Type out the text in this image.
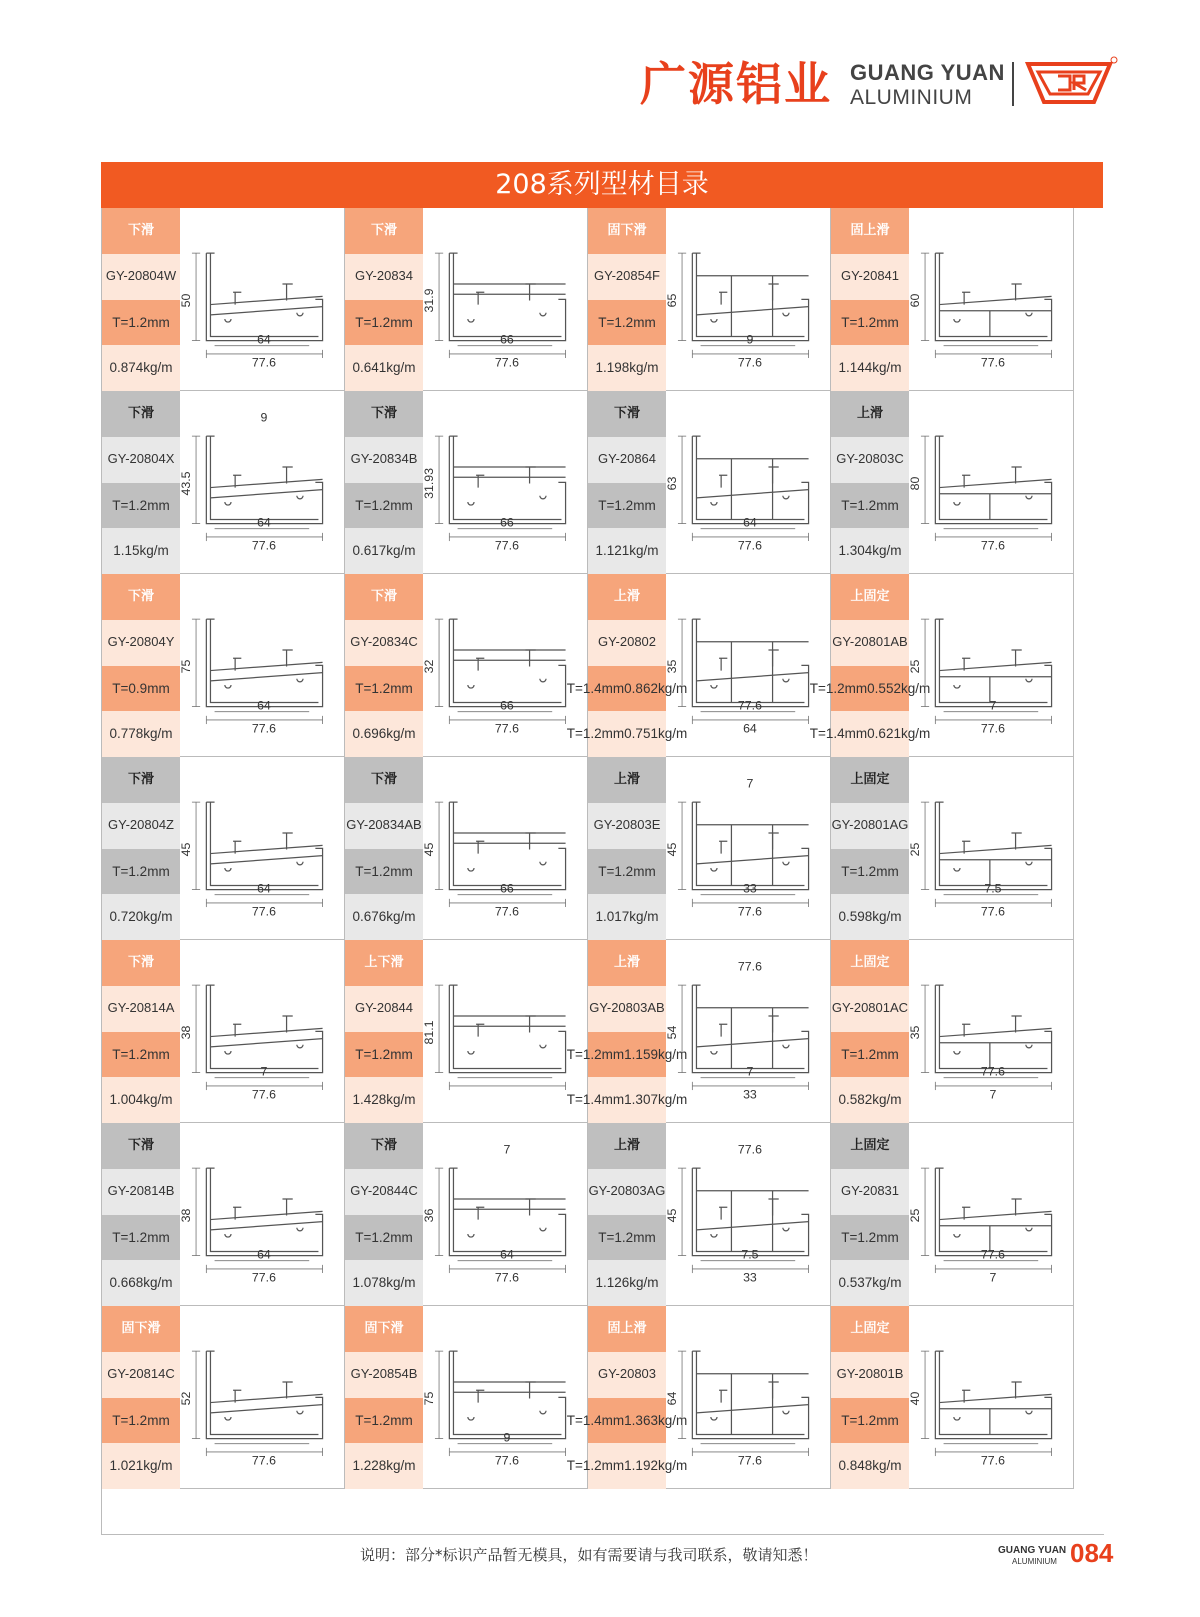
广源铝业 GUANG YUAN
ALUMINIUM
208系列型材目录
下滑
GY-20804W
T=1.2mm
0.874kg/m
50
64
77.6
下滑
GY-20834
T=1.2mm
0.641kg/m
31.9
66
77.6
固下滑
GY-20854F
T=1.2mm
1.198kg/m
65
9
77.6
固上滑
GY-20841
T=1.2mm
1.144kg/m
60
77.6
下滑
GY-20804X
T=1.2mm
1.15kg/m
43.5
9
64
77.6
下滑
GY-20834B
T=1.2mm
0.617kg/m
31.93
66
77.6
下滑
GY-20864
T=1.2mm
1.121kg/m
63
64
77.6
上滑
GY-20803C
T=1.2mm
1.304kg/m
80
77.6
下滑
GY-20804Y
T=0.9mm
0.778kg/m
75
64
77.6
下滑
GY-20834C
T=1.2mm
0.696kg/m
32
66
77.6
上滑
GY-20802
T=1.4mm 0.862kg/m
T=1.2mm 0.751kg/m
35
77.6
64
上固定
GY-20801AB
T=1.2mm 0.552kg/m
T=1.4mm 0.621kg/m
25
7
77.6
下滑
GY-20804Z
T=1.2mm
0.720kg/m
45
64
77.6
下滑
GY-20834AB
T=1.2mm
0.676kg/m
45
66
77.6
上滑
GY-20803E
T=1.2mm
1.017kg/m
45
7
33
77.6
上固定
GY-20801AG
T=1.2mm
0.598kg/m
25
7.5
77.6
下滑
GY-20814A
T=1.2mm
1.004kg/m
38
7
77.6
上下滑
GY-20844
T=1.2mm
1.428kg/m
81.1
上滑
GY-20803AB
T=1.2mm 1.159kg/m
T=1.4mm 1.307kg/m
54
77.6
7
33
上固定
GY-20801AC
T=1.2mm
0.582kg/m
35
77.6
7
下滑
GY-20814B
T=1.2mm
0.668kg/m
38
64
77.6
下滑
GY-20844C
T=1.2mm
1.078kg/m
36
7
64
77.6
上滑
GY-20803AG
T=1.2mm
1.126kg/m
45
77.6
7.5
33
上固定
GY-20831
T=1.2mm
0.537kg/m
25
77.6
7
固下滑
GY-20814C
T=1.2mm
1.021kg/m
52
77.6
固下滑
GY-20854B
T=1.2mm
1.228kg/m
75
9
77.6
固上滑
GY-20803
T=1.4mm 1.363kg/m
T=1.2mm 1.192kg/m
64
77.6
上固定
GY-20801B
T=1.2mm
0.848kg/m
40
77.6
说明：部分*标识产品暂无模具，如有需要请与我司联系，敬请知悉！	GUANG YUAN
ALUMINIUM 084
